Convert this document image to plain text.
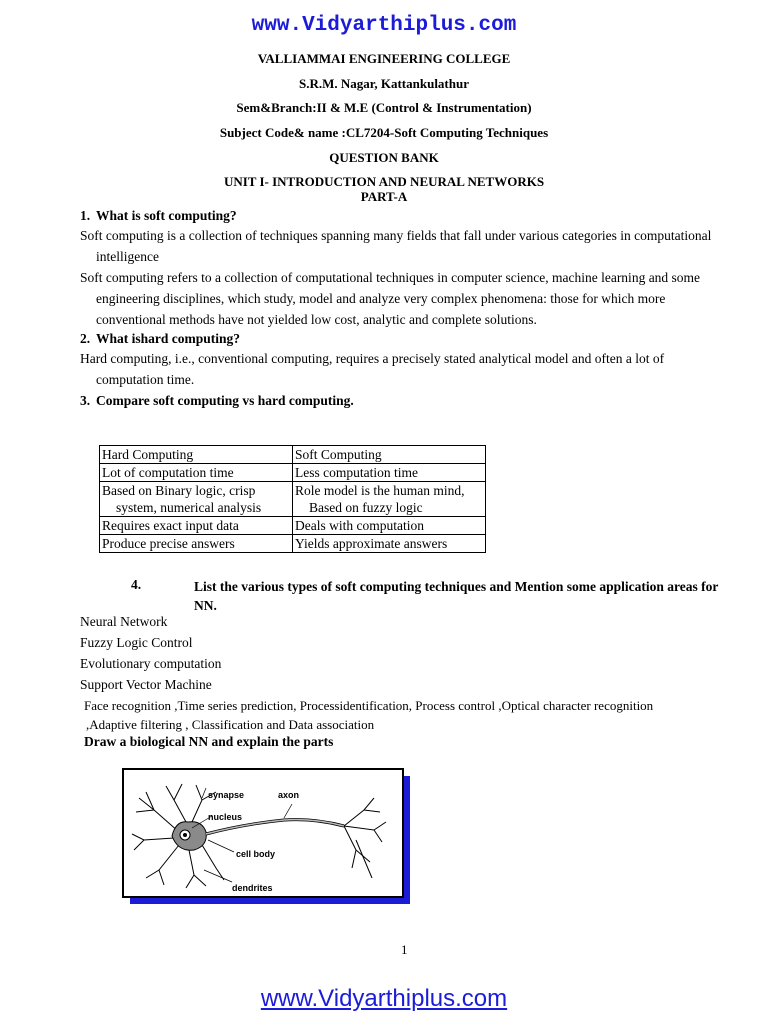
www.Vidyarthiplus.com
VALLIAMMAI ENGINEERING COLLEGE
S.R.M. Nagar, Kattankulathur
Sem&Branch:II & M.E (Control & Instrumentation)
Subject Code& name :CL7204-Soft Computing Techniques
QUESTION BANK
UNIT I- INTRODUCTION AND NEURAL NETWORKS
PART-A
1. What is soft computing?

Soft computing is a collection of techniques spanning many fields that fall under various categories in computational intelligence

Soft computing refers to a collection of computational techniques in computer science, machine learning and some engineering disciplines, which study, model and analyze very complex phenomena: those for which more conventional methods have not yielded low cost, analytic and complete solutions.

2. What ishard computing?

Hard computing, i.e., conventional computing, requires a precisely stated analytical model and often a lot of computation time.

3. Compare soft computing vs hard computing.
Hard Computing	Soft Computing
Lot of computation time	Less computation time
Based on Binary logic, crisp system, numerical analysis	Role model is the human mind, Based on fuzzy logic
Requires exact input data	Deals with computation
Produce precise answers	Yields approximate answers
4.	List the various types of soft computing techniques and Mention some application areas for NN.
Neural Network
Fuzzy Logic Control
Evolutionary computation
Support Vector Machine
Face recognition ,Time series prediction, Processidentification, Process control ,Optical character recognition
,Adaptive filtering , Classification and Data association
Draw a biological NN and explain the parts
synapse	axon
nucleus
cell body
dendrites
1
www.Vidyarthiplus.com
